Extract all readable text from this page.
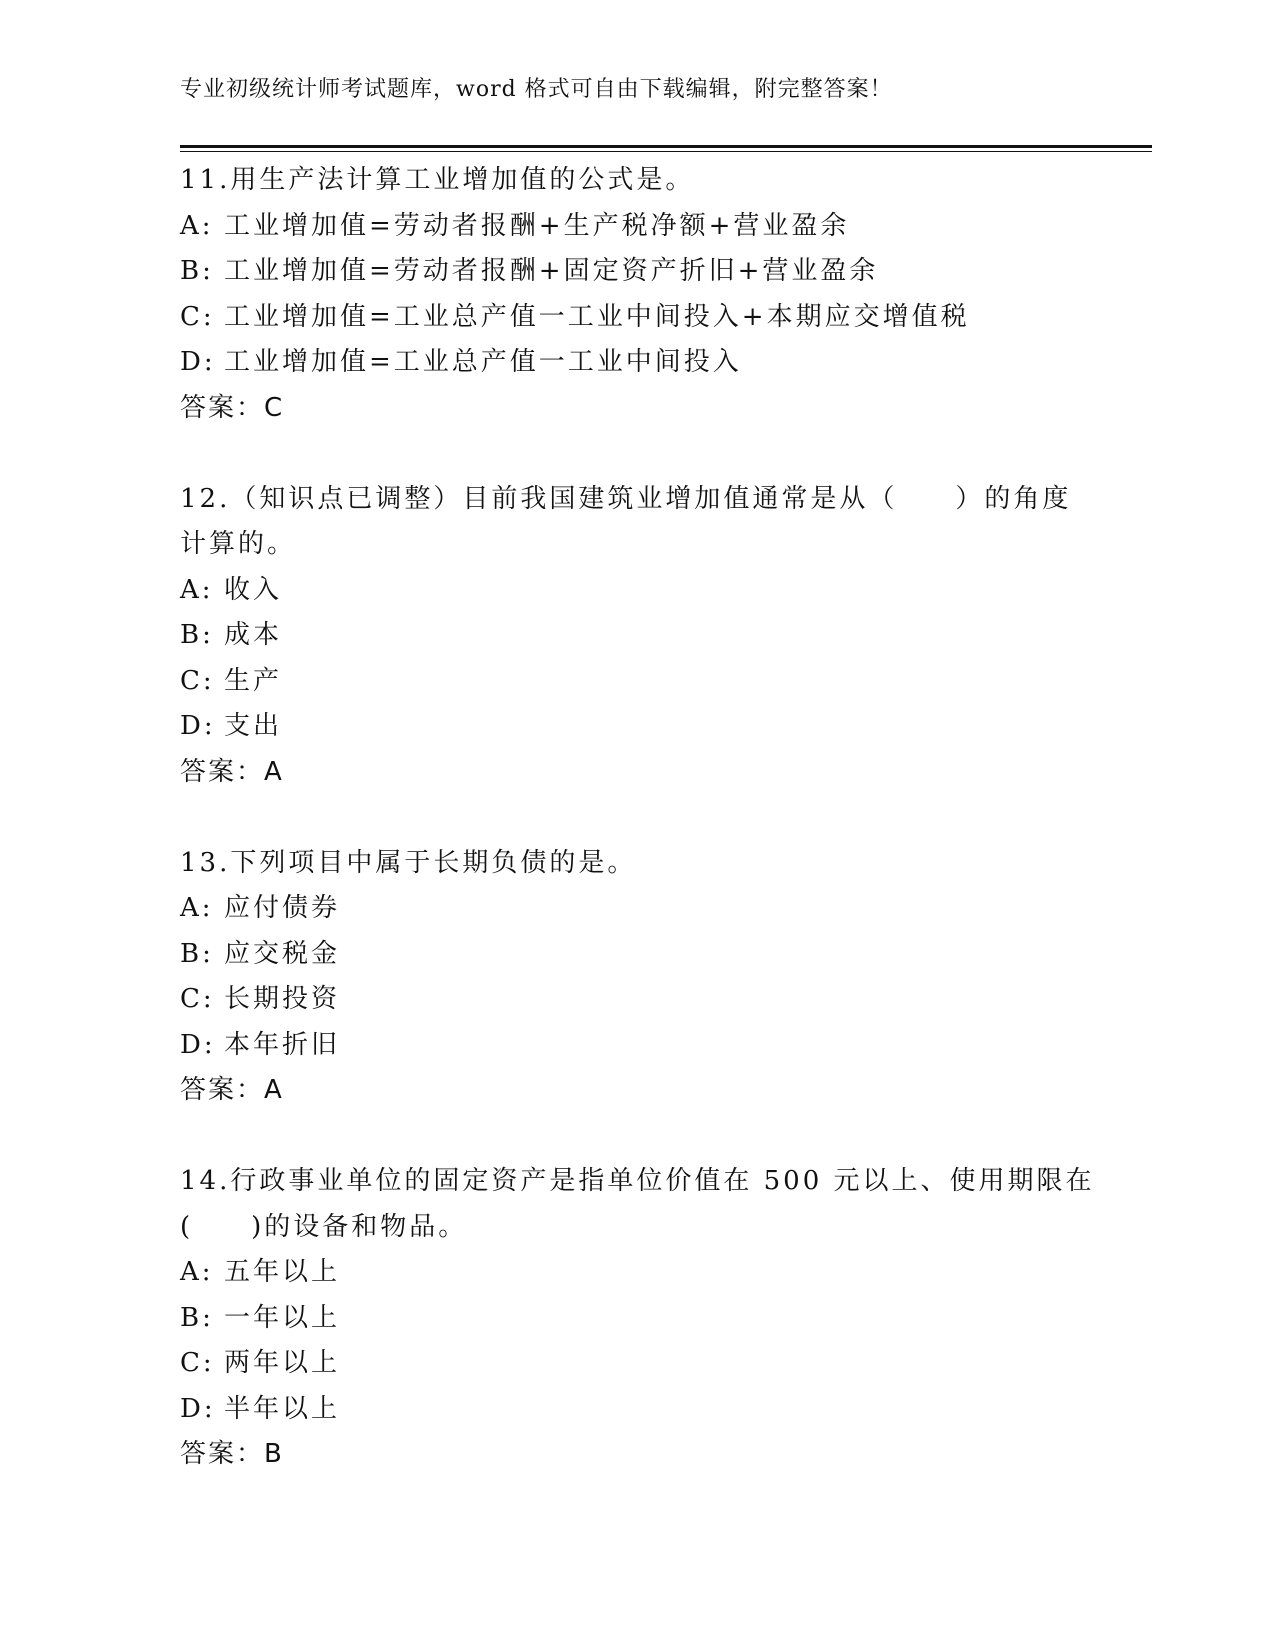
专业初级统计师考试题库，word 格式可自由下载编辑，附完整答案！
11.用生产法计算工业增加值的公式是。
A: 工业增加值=劳动者报酬+生产税净额+营业盈余
B: 工业增加值=劳动者报酬+固定资产折旧+营业盈余
C: 工业增加值=工业总产值一工业中间投入+本期应交增值税
D: 工业增加值=工业总产值一工业中间投入
答案：C
12.（知识点已调整）目前我国建筑业增加值通常是从（　　）的角度
计算的。
A: 收入
B: 成本
C: 生产
D: 支出
答案：A
13.下列项目中属于长期负债的是。
A: 应付债券
B: 应交税金
C: 长期投资
D: 本年折旧
答案：A
14.行政事业单位的固定资产是指单位价值在 500 元以上、使用期限在
(　　)的设备和物品。
A: 五年以上
B: 一年以上
C: 两年以上
D: 半年以上
答案：B
